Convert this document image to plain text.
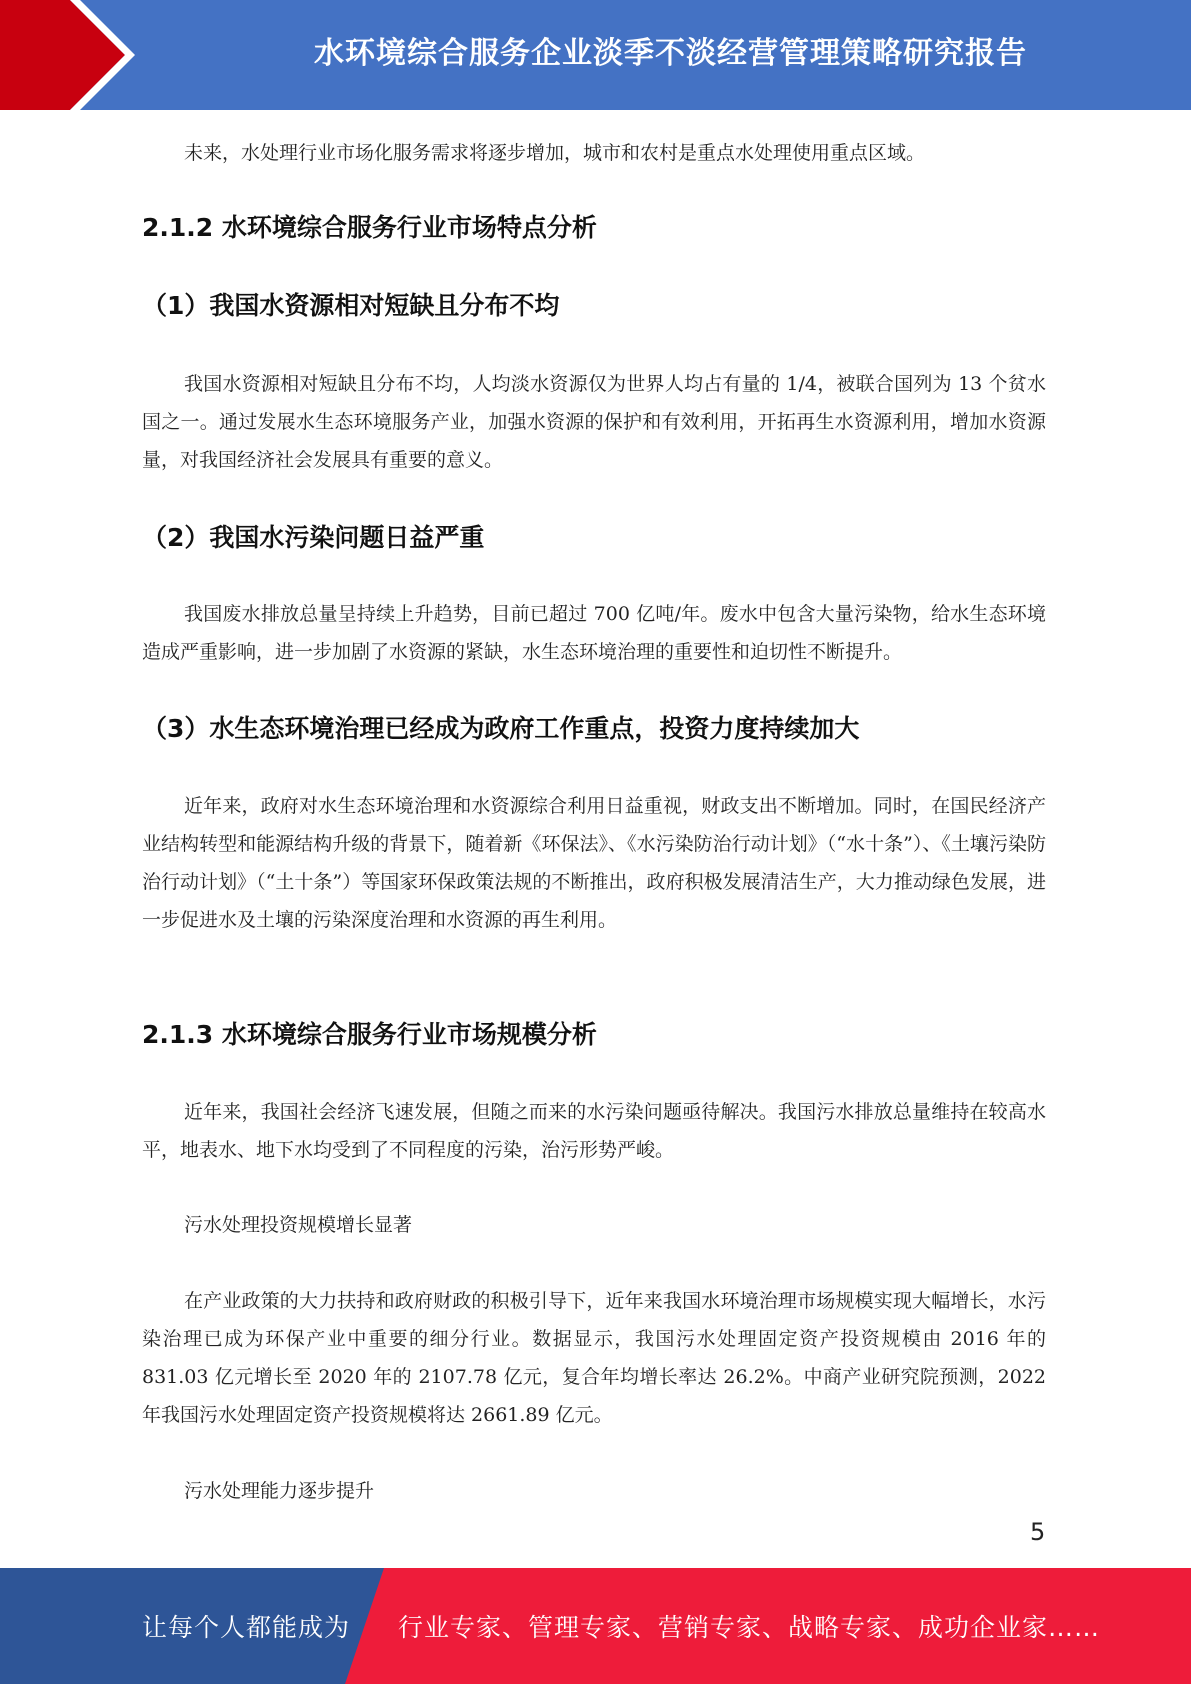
水环境综合服务企业淡季不淡经营管理策略研究报告

未来，水处理行业市场化服务需求将逐步增加，城市和农村是重点水处理使用重点区域。

2.1.2 水环境综合服务行业市场特点分析
（1）我国水资源相对短缺且分布不均

我国水资源相对短缺且分布不均，人均淡水资源仅为世界人均占有量的 1/4，被联合国列为 13 个贫水国之一。通过发展水生态环境服务产业，加强水资源的保护和有效利用，开拓再生水资源利用，增加水资源量，对我国经济社会发展具有重要的意义。

（2）我国水污染问题日益严重

我国废水排放总量呈持续上升趋势，目前已超过 700 亿吨/年。废水中包含大量污染物，给水生态环境造成严重影响，进一步加剧了水资源的紧缺，水生态环境治理的重要性和迫切性不断提升。

（3）水生态环境治理已经成为政府工作重点，投资力度持续加大

近年来，政府对水生态环境治理和水资源综合利用日益重视，财政支出不断增加。同时，在国民经济产业结构转型和能源结构升级的背景下，随着新《环保法》、《水污染防治行动计划》（“水十条”）、《土壤污染防治行动计划》（“土十条”）等国家环保政策法规的不断推出，政府积极发展清洁生产，大力推动绿色发展，进一步促进水及土壤的污染深度治理和水资源的再生利用。

2.1.3 水环境综合服务行业市场规模分析

近年来，我国社会经济飞速发展，但随之而来的水污染问题亟待解决。我国污水排放总量维持在较高水平，地表水、地下水均受到了不同程度的污染，治污形势严峻。

污水处理投资规模增长显著

在产业政策的大力扶持和政府财政的积极引导下，近年来我国水环境治理市场规模实现大幅增长，水污染治理已成为环保产业中重要的细分行业。数据显示，我国污水处理固定资产投资规模由 2016 年的 831.03 亿元增长至 2020 年的 2107.78 亿元，复合年均增长率达 26.2%。中商产业研究院预测，2022 年我国污水处理固定资产投资规模将达 2661.89 亿元。

污水处理能力逐步提升

5
让每个人都能成为 行业专家、管理专家、营销专家、战略专家、成功企业家……
